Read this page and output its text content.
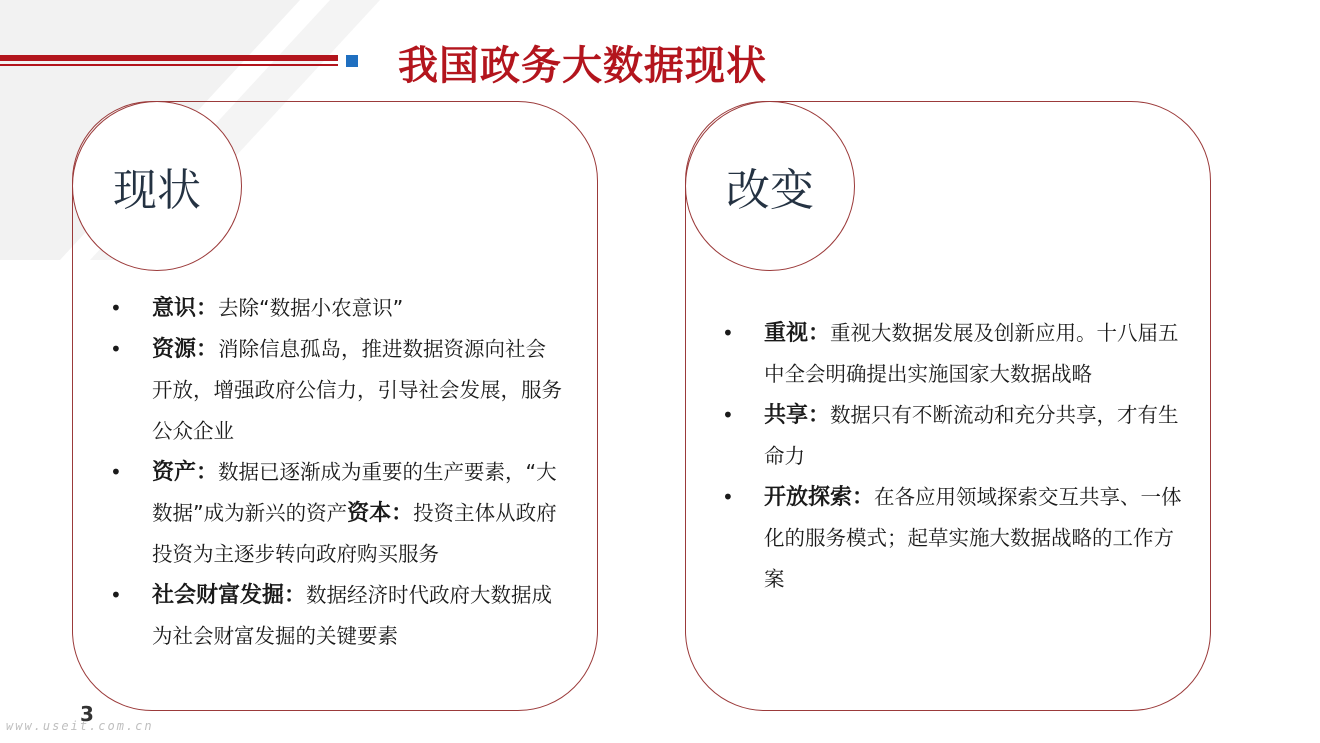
我国政务大数据现状
现状
• 意识：去除“数据小农意识”
• 资源：消除信息孤岛，推进数据资源向社会开放，增强政府公信力，引导社会发展，服务公众企业
• 资产：数据已逐渐成为重要的生产要素，“大数据”成为新兴的资产资本：投资主体从政府投资为主逐步转向政府购买服务
• 社会财富发掘：数据经济时代政府大数据成为社会财富发掘的关键要素
改变
• 重视：重视大数据发展及创新应用。十八届五中全会明确提出实施国家大数据战略
• 共享：数据只有不断流动和充分共享，才有生命力
• 开放探索：在各应用领域探索交互共享、一体化的服务模式；起草实施大数据战略的工作方案
3
www.useit.com.cn
